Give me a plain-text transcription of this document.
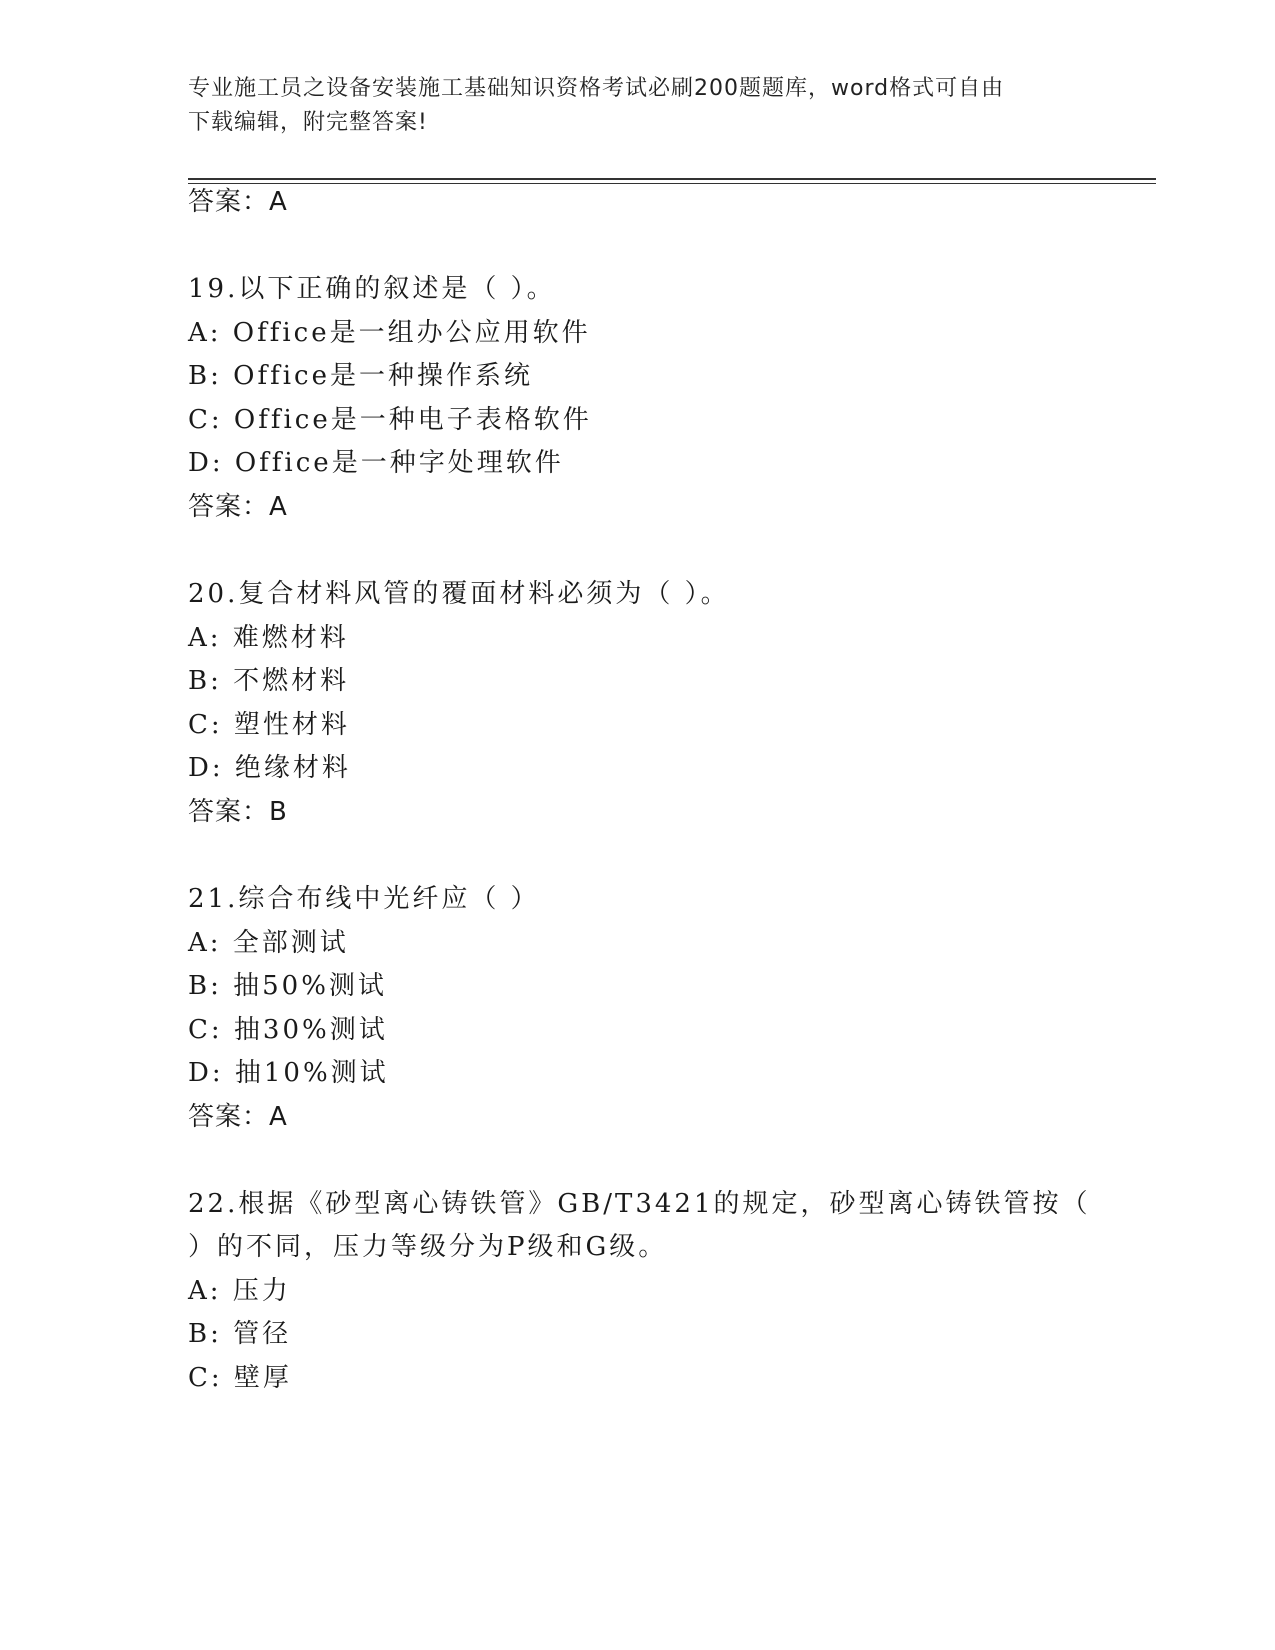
专业施工员之设备安装施工基础知识资格考试必刷200题题库，word格式可自由
下载编辑，附完整答案!
答案：A
19.以下正确的叙述是（ ）。
A: Office是一组办公应用软件
B: Office是一种操作系统
C: Office是一种电子表格软件
D: Office是一种字处理软件
答案：A
20.复合材料风管的覆面材料必须为（ ）。
A: 难燃材料
B: 不燃材料
C: 塑性材料
D: 绝缘材料
答案：B
21.综合布线中光纤应（ ）
A: 全部测试
B: 抽50%测试
C: 抽30%测试
D: 抽10%测试
答案：A
22.根据《砂型离心铸铁管》GB/T3421的规定，砂型离心铸铁管按（
）的不同，压力等级分为P级和G级。
A: 压力
B: 管径
C: 壁厚
